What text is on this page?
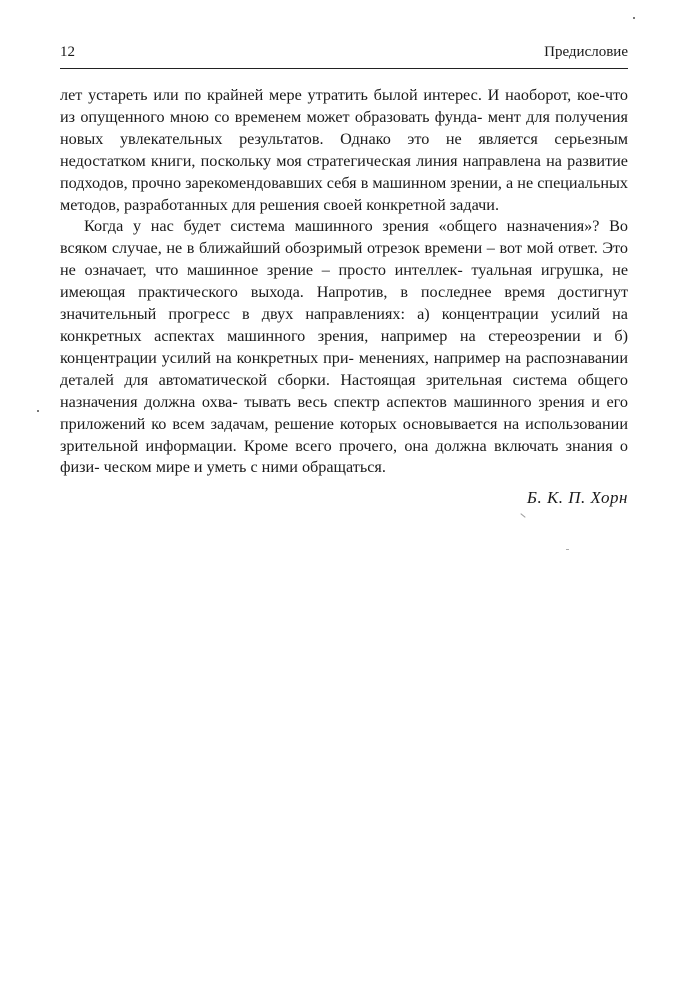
12	Предисловие

лет устареть или по крайней мере утратить былой интерес. И наоборот, кое-что из опущенного мною со временем может образовать фунда- мент для получения новых увлекательных результатов. Однако это не является серьезным недостатком книги, поскольку моя стратегическая линия направлена на развитие подходов, прочно зарекомендовавших себя в машинном зрении, а не специальных методов, разработанных для решения своей конкретной задачи.

Когда у нас будет система машинного зрения «общего назначения»? Во всяком случае, не в ближайший обозримый отрезок времени – вот мой ответ. Это не означает, что машинное зрение – просто интеллек- туальная игрушка, не имеющая практического выхода. Напротив, в последнее время достигнут значительный прогресс в двух направлениях: а) концентрации усилий на конкретных аспектах машинного зрения, например на стереозрении и б) концентрации усилий на конкретных при- менениях, например на распознавании деталей для автоматической сборки. Настоящая зрительная система общего назначения должна охва- тывать весь спектр аспектов машинного зрения и его приложений ко всем задачам, решение которых основывается на использовании зрительной информации. Кроме всего прочего, она должна включать знания о физи- ческом мире и уметь с ними обращаться.

Б. К. П. Хорн
